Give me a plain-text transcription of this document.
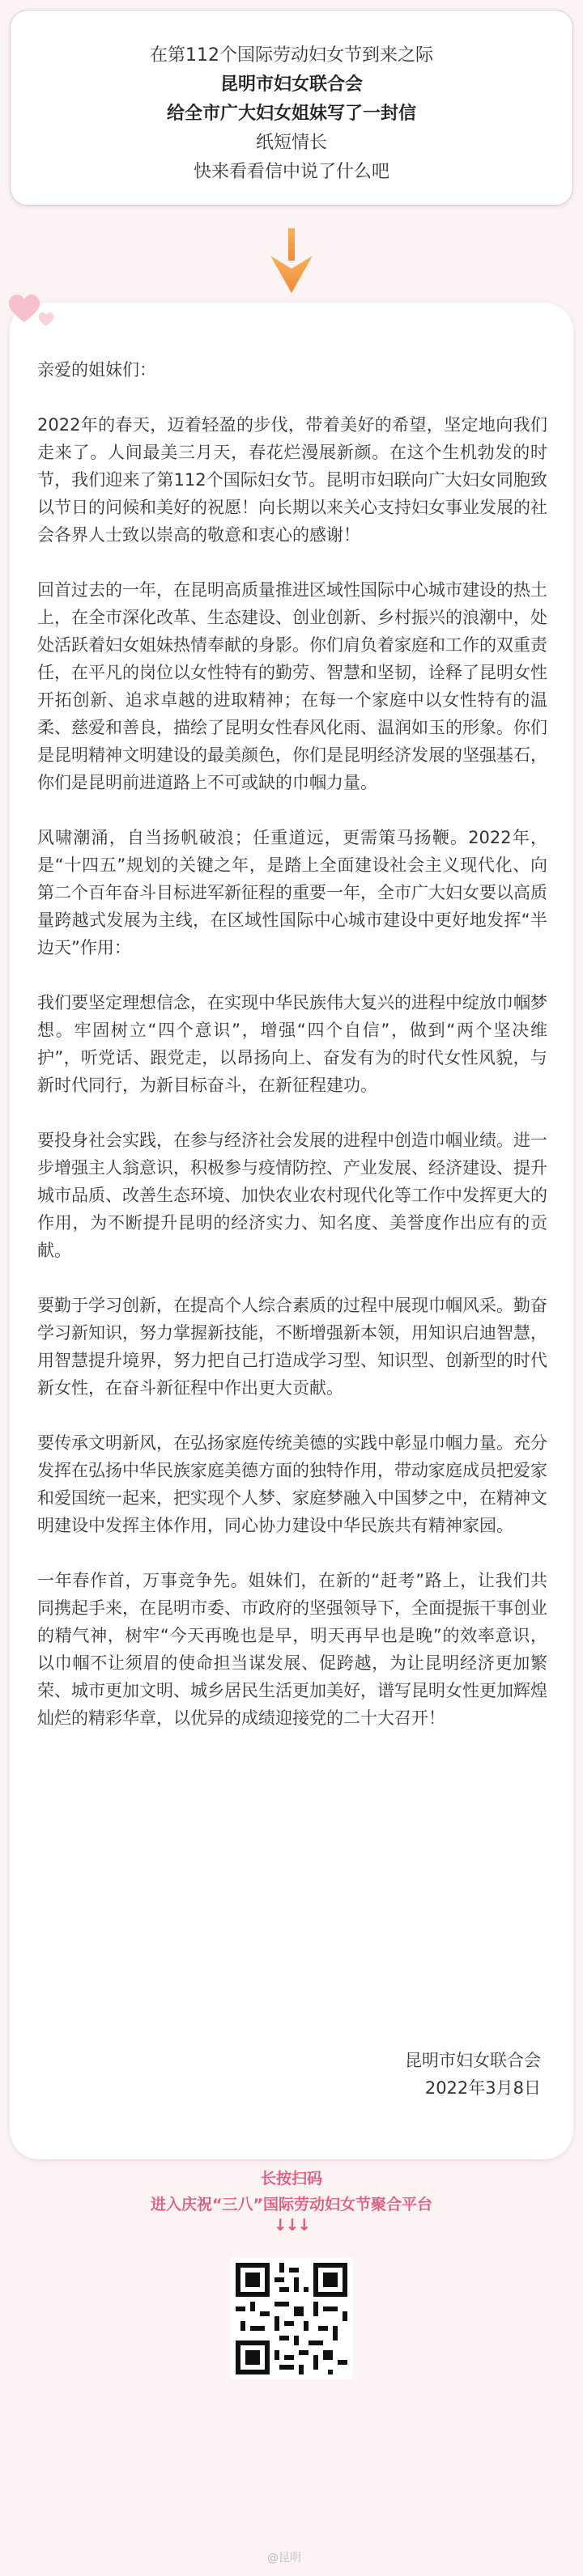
在第112个国际劳动妇女节到来之际
昆明市妇女联合会
给全市广大妇女姐妹写了一封信
纸短情长
快来看看信中说了什么吧

亲爱的姐妹们：

2022年的春天，迈着轻盈的步伐，带着美好的希望，坚定地向我们走来了。人间最美三月天，春花烂漫展新颜。在这个生机勃发的时节，我们迎来了第112个国际妇女节。昆明市妇联向广大妇女同胞致以节日的问候和美好的祝愿！向长期以来关心支持妇女事业发展的社会各界人士致以崇高的敬意和衷心的感谢！

回首过去的一年，在昆明高质量推进区域性国际中心城市建设的热土上，在全市深化改革、生态建设、创业创新、乡村振兴的浪潮中，处处活跃着妇女姐妹热情奉献的身影。你们肩负着家庭和工作的双重责任，在平凡的岗位以女性特有的勤劳、智慧和坚韧，诠释了昆明女性开拓创新、追求卓越的进取精神；在每一个家庭中以女性特有的温柔、慈爱和善良，描绘了昆明女性春风化雨、温润如玉的形象。你们是昆明精神文明建设的最美颜色，你们是昆明经济发展的坚强基石，你们是昆明前进道路上不可或缺的巾帼力量。

风啸潮涌，自当扬帆破浪；任重道远，更需策马扬鞭。2022年，是“十四五”规划的关键之年，是踏上全面建设社会主义现代化、向第二个百年奋斗目标进军新征程的重要一年，全市广大妇女要以高质量跨越式发展为主线，在区域性国际中心城市建设中更好地发挥“半边天”作用：

我们要坚定理想信念，在实现中华民族伟大复兴的进程中绽放巾帼梦想。牢固树立“四个意识”，增强“四个自信”，做到“两个坚决维护”，听党话、跟党走，以昂扬向上、奋发有为的时代女性风貌，与新时代同行，为新目标奋斗，在新征程建功。

要投身社会实践，在参与经济社会发展的进程中创造巾帼业绩。进一步增强主人翁意识，积极参与疫情防控、产业发展、经济建设、提升城市品质、改善生态环境、加快农业农村现代化等工作中发挥更大的作用，为不断提升昆明的经济实力、知名度、美誉度作出应有的贡献。

要勤于学习创新，在提高个人综合素质的过程中展现巾帼风采。勤奋学习新知识，努力掌握新技能，不断增强新本领，用知识启迪智慧，用智慧提升境界，努力把自己打造成学习型、知识型、创新型的时代新女性，在奋斗新征程中作出更大贡献。

要传承文明新风，在弘扬家庭传统美德的实践中彰显巾帼力量。充分发挥在弘扬中华民族家庭美德方面的独特作用，带动家庭成员把爱家和爱国统一起来，把实现个人梦、家庭梦融入中国梦之中，在精神文明建设中发挥主体作用，同心协力建设中华民族共有精神家园。

一年春作首，万事竞争先。姐妹们，在新的“赶考”路上，让我们共同携起手来，在昆明市委、市政府的坚强领导下，全面提振干事创业的精气神，树牢“今天再晚也是早，明天再早也是晚”的效率意识，以巾帼不让须眉的使命担当谋发展、促跨越，为让昆明经济更加繁荣、城市更加文明、城乡居民生活更加美好，谱写昆明女性更加辉煌灿烂的精彩华章，以优异的成绩迎接党的二十大召开！

昆明市妇女联合会
2022年3月8日
长按扫码
进入庆祝“三八”国际劳动妇女节聚合平台
↓↓↓
@昆明
